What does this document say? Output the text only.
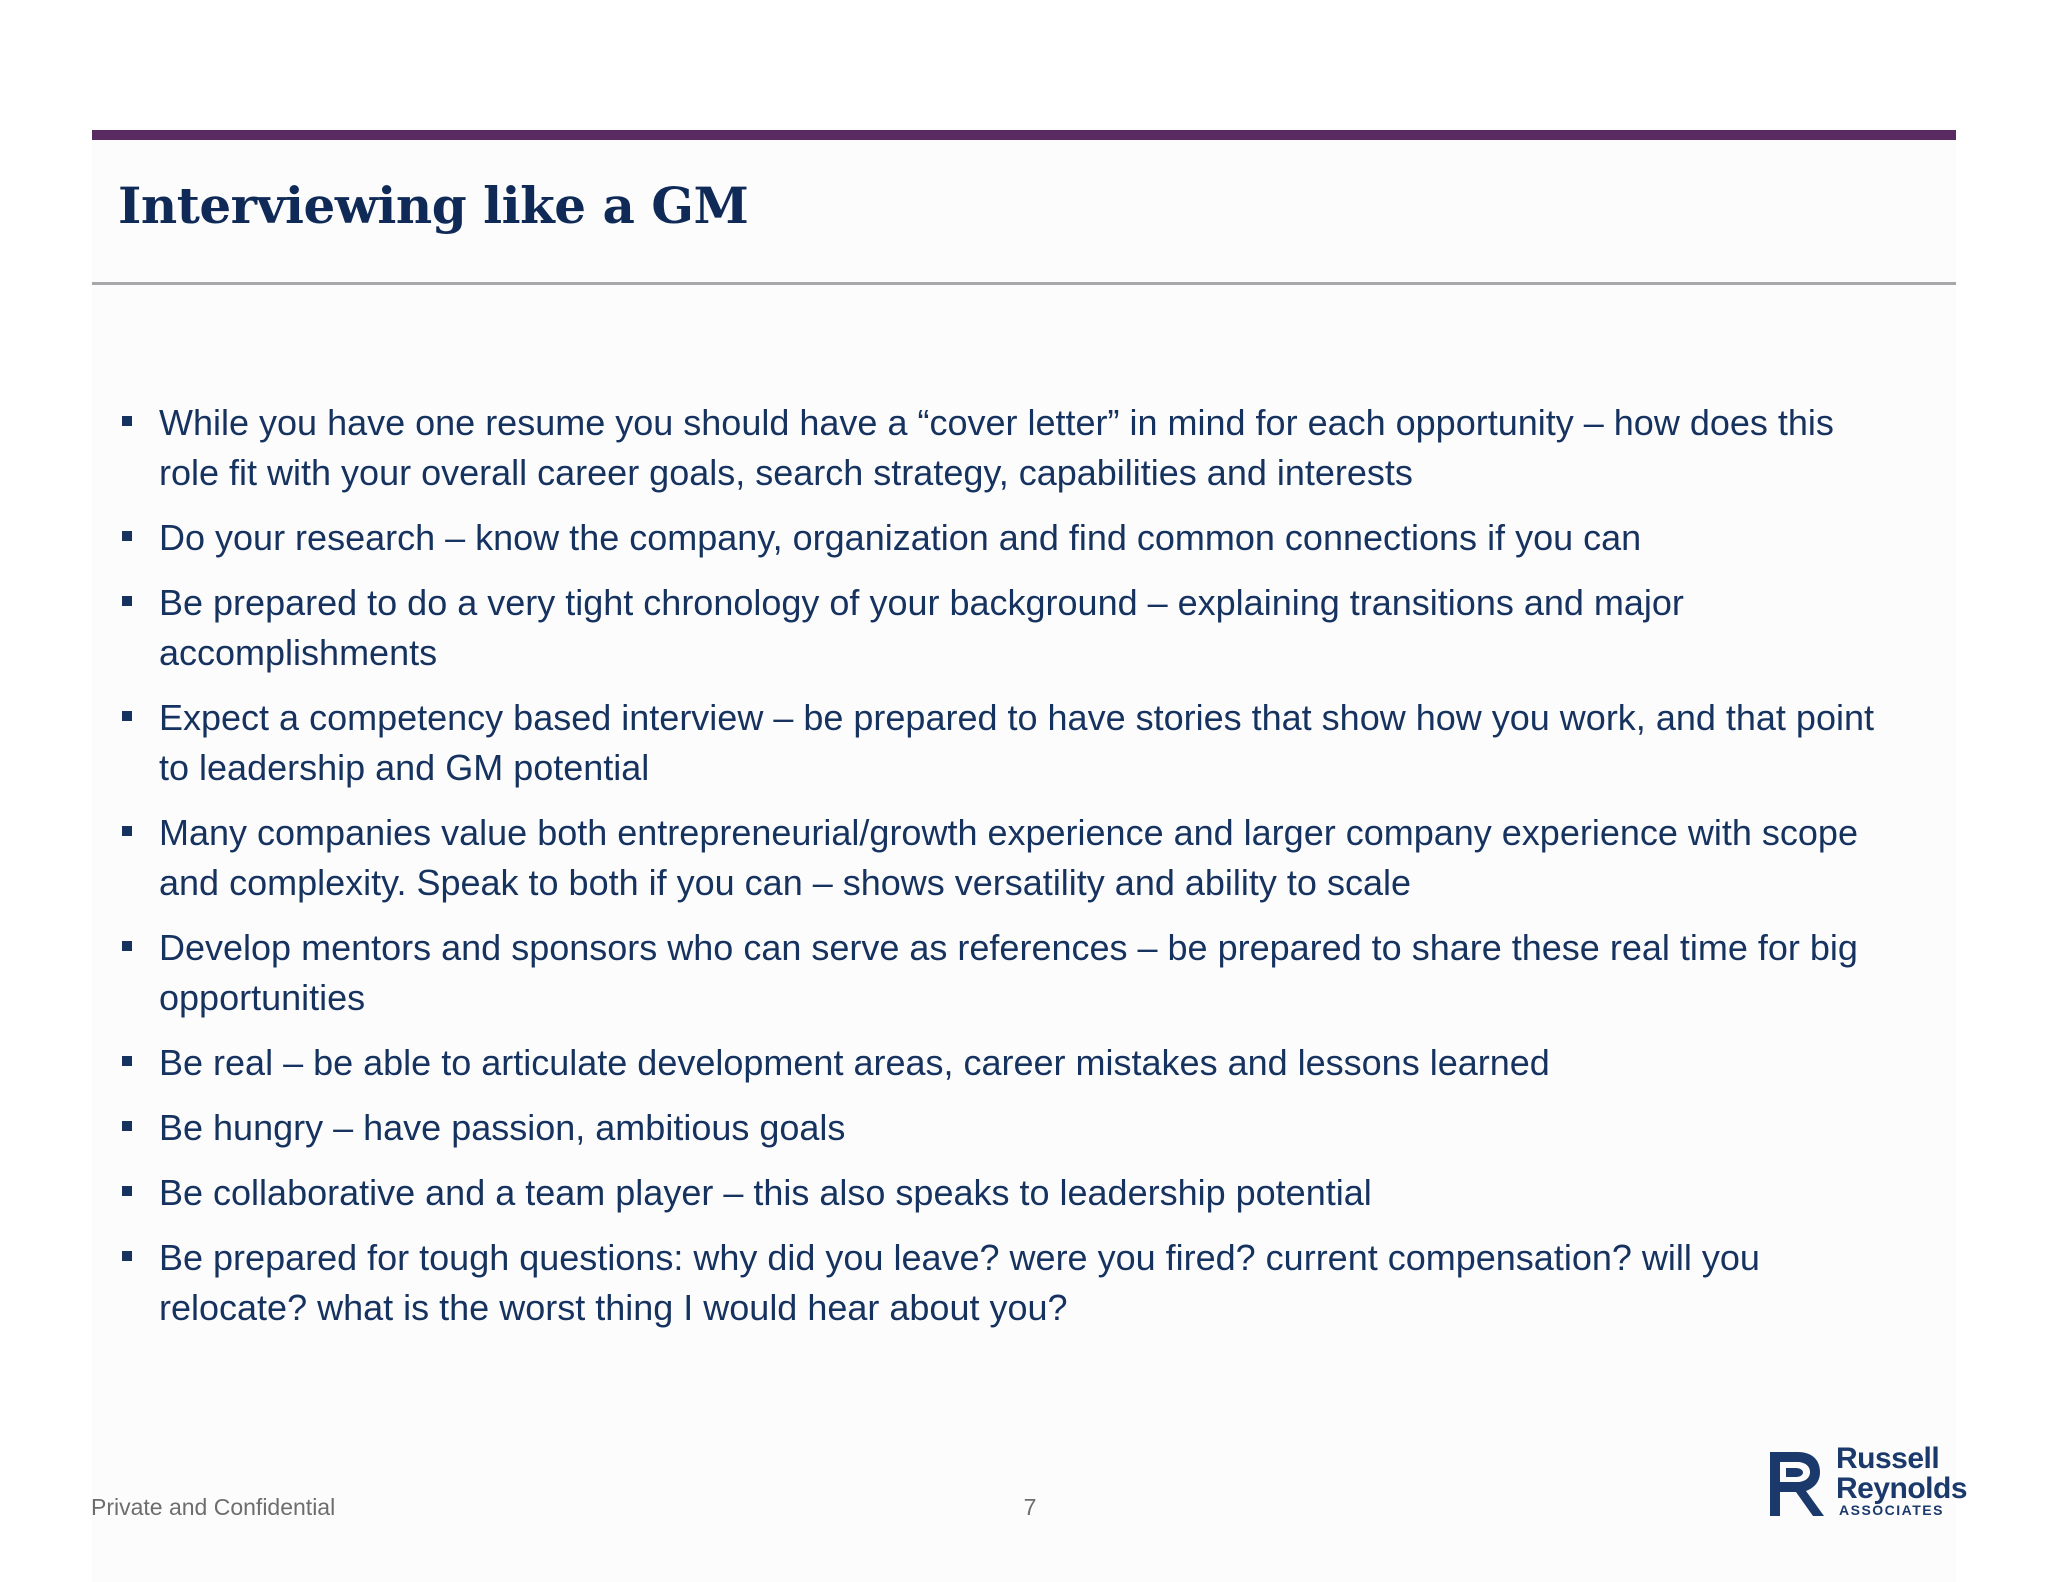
Interviewing like a GM
While you have one resume you should have a “cover letter” in mind for each opportunity – how does this role fit with your overall career goals, search strategy, capabilities and interests
Do your research – know the company, organization and find common connections if you can
Be prepared to do a very tight chronology of your background – explaining transitions and major accomplishments
Expect a competency based interview – be prepared to have stories that show how you work, and that point to leadership and GM potential
Many companies value both entrepreneurial/growth experience and larger company experience with scope and complexity. Speak to both if you can – shows versatility and ability to scale
Develop mentors and sponsors who can serve as references – be prepared to share these real time for big opportunities
Be real – be able to articulate development areas, career mistakes and lessons learned
Be hungry – have passion, ambitious goals
Be collaborative and a team player – this also speaks to leadership potential
Be prepared for tough questions: why did you leave? were you fired? current compensation? will you relocate? what is the worst thing I would hear about you?
Private and Confidential	7
Russell
Reynolds
ASSOCIATES
